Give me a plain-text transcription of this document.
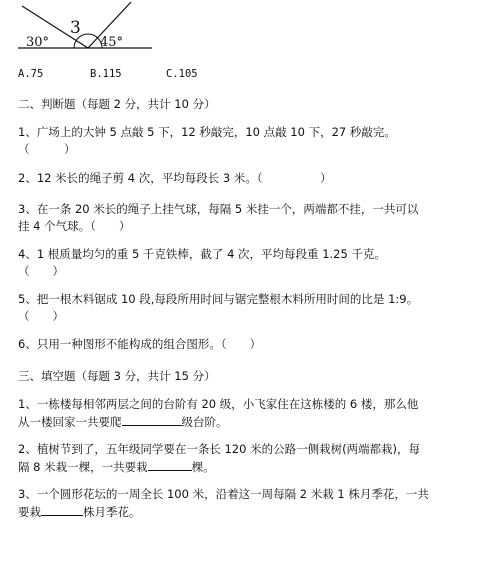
30°
3
45°
A.75	B.115	C.105
二、判断题（每题 2 分，共计 10 分）
1、广场上的大钟 5 点敲 5 下，12 秒敲完，10 点敲 10 下，27 秒敲完。
（　　　）
2、12 米长的绳子剪 4 次，平均每段长 3 米。（　　　　　）
3、在一条 20 米长的绳子上挂气球，每隔 5 米挂一个，两端都不挂，一共可以
挂 4 个气球。（　　）
4、1 根质量均匀的重 5 千克铁棒，截了 4 次，平均每段重 1.25 千克。
（　　）
5、把一根木料锯成 10 段,每段所用时间与锯完整根木料所用时间的比是 1:9。
（　　）
6、只用一种图形不能构成的组合图形。（　　）
三、填空题（每题 3 分，共计 15 分）
1、一栋楼每相邻两层之间的台阶有 20 级，小飞家住在这栋楼的 6 楼，那么他
从一楼回家一共要爬	级台阶。
2、植树节到了，五年级同学要在一条长 120 米的公路一侧栽树(两端都栽)，每
隔 8 米栽一棵，一共要栽	棵。
3、一个圆形花坛的一周全长 100 米，沿着这一周每隔 2 米栽 1 株月季花，一共
要栽	株月季花。
